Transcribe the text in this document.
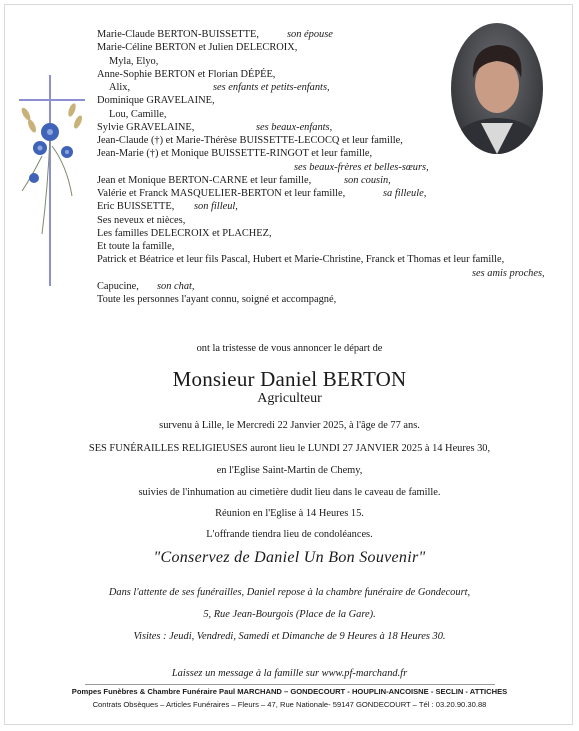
Marie-Claude BERTON-BUISSETTE,	son épouse
Marie-Céline BERTON et Julien DELECROIX,
Myla, Elyo,
Anne-Sophie BERTON et Florian DÉPÉE,
Alix,	ses enfants et petits-enfants,
Dominique GRAVELAINE,
Lou, Camille,
Sylvie GRAVELAINE,	ses beaux-enfants,
Jean-Claude (†) et Marie-Thérèse BUISSETTE-LECOCQ et leur famille,
Jean-Marie (†) et Monique BUISSETTE-RINGOT et leur famille,
ses beaux-frères et belles-sœurs,
Jean et Monique BERTON-CARNE et leur famille,	son cousin,
Valérie et Franck MASQUELIER-BERTON et leur famille,	sa filleule,
Eric BUISSETTE, son filleul,
Ses neveux et nièces,
Les familles DELECROIX et PLACHEZ,
Et toute la famille,
Patrick et Béatrice et leur fils Pascal, Hubert et Marie-Christine, Franck et Thomas et leur famille,
ses amis proches,
Capucine, son chat,
Toute les personnes l'ayant connu, soigné et accompagné,
ont la tristesse de vous annoncer le départ de
Monsieur Daniel BERTON
Agriculteur
survenu à Lille, le Mercredi 22 Janvier 2025, à l'âge de 77 ans.
SES FUNÉRAILLES RELIGIEUSES auront lieu le LUNDI 27 JANVIER 2025 à 14 Heures 30,
en l'Eglise Saint-Martin de Chemy,
suivies de l'inhumation au cimetière dudit lieu dans le caveau de famille.
Réunion en l'Eglise à 14 Heures 15.
L'offrande tiendra lieu de condoléances.
"Conservez de Daniel Un Bon Souvenir"
Dans l'attente de ses funérailles, Daniel repose à la chambre funéraire de Gondecourt,
5, Rue Jean-Bourgois (Place de la Gare).
Visites : Jeudi, Vendredi, Samedi et Dimanche de 9 Heures à 18 Heures 30.
Laissez un message à la famille sur www.pf-marchand.fr
Pompes Funèbres & Chambre Funéraire Paul MARCHAND – GONDECOURT - HOUPLIN-ANCOISNE - SECLIN - ATTICHES
Contrats Obsèques – Articles Funéraires – Fleurs – 47, Rue Nationale- 59147 GONDECOURT – Tél : 03.20.90.30.88
